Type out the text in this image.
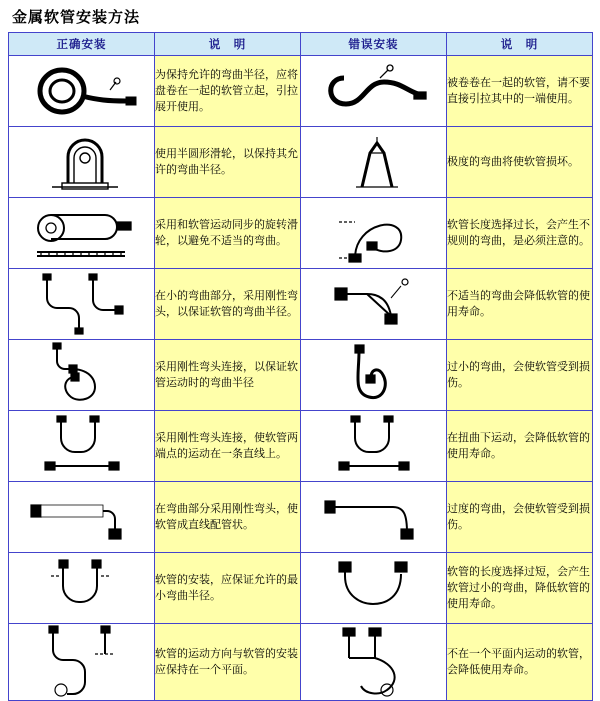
金属软管安装方法
正确安装	说　明	错误安装	说　明

	为保持允许的弯曲半径，应将盘卷在一起的软管立起，引拉展开使用。		被卷卷在一起的软管，请不要直接引拉其中的一端使用。

	使用半圆形滑轮，以保持其允许的弯曲半径。		极度的弯曲将使软管损坏。

	采用和软管运动同步的旋转滑轮，以避免不适当的弯曲。		软管长度选择过长，会产生不规则的弯曲，是必须注意的。

	在小的弯曲部分，采用刚性弯头，以保证软管的弯曲半径。		不适当的弯曲会降低软管的使用寿命。

	采用刚性弯头连接，以保证软管运动时的弯曲半径		过小的弯曲，会使软管受到损伤。

	采用刚性弯头连接，使软管两端点的运动在一条直线上。		在扭曲下运动，会降低软管的使用寿命。

	在弯曲部分采用刚性弯头，使软管成直线配管状。		过度的弯曲，会使软管受到损伤。

	软管的安装，应保证允许的最小弯曲半径。		软管的长度选择过短，会产生软管过小的弯曲，降低软管的使用寿命。

	软管的运动方向与软管的安装应保持在一个平面。		不在一个平面内运动的软管，会降低使用寿命。
